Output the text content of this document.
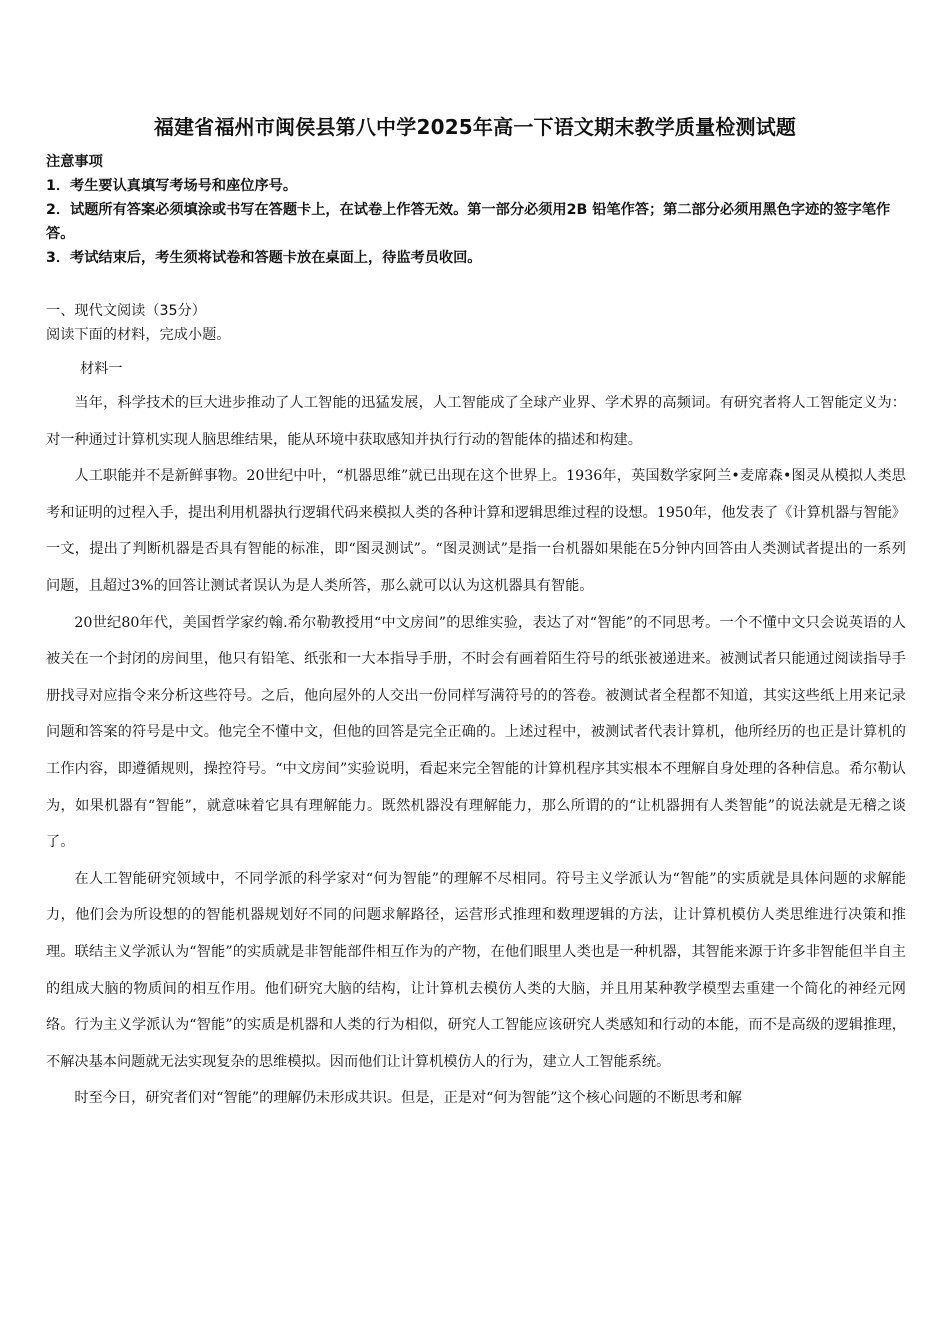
福建省福州市闽侯县第八中学2025年高一下语文期末教学质量检测试题

注意事项

1．考生要认真填写考场号和座位序号。

2．试题所有答案必须填涂或书写在答题卡上，在试卷上作答无效。第一部分必须用2B 铅笔作答；第二部分必须用黑色字迹的签字笔作答。

3．考试结束后，考生须将试卷和答题卡放在桌面上，待监考员收回。

一、现代文阅读（35分）
阅读下面的材料，完成小题。
材料一

当年，科学技术的巨大进步推动了人工智能的迅猛发展，人工智能成了全球产业界、学术界的高频词。有研究者将人工智能定义为：对一种通过计算机实现人脑思维结果，能从环境中获取感知并执行行动的智能体的描述和构建。

人工职能并不是新鲜事物。20世纪中叶，“机器思维”就已出现在这个世界上。1936年，英国数学家阿兰•麦席森•图灵从模拟人类思考和证明的过程入手，提出利用机器执行逻辑代码来模拟人类的各种计算和逻辑思维过程的设想。1950年，他发表了《计算机器与智能》一文，提出了判断机器是否具有智能的标准，即“图灵测试”。“图灵测试”是指一台机器如果能在5分钟内回答由人类测试者提出的一系列问题，且超过3%的回答让测试者误认为是人类所答，那么就可以认为这机器具有智能。

20世纪80年代，美国哲学家约翰.希尔勒教授用“中文房间”的思维实验，表达了对“智能”的不同思考。一个不懂中文只会说英语的人被关在一个封闭的房间里，他只有铅笔、纸张和一大本指导手册，不时会有画着陌生符号的纸张被递进来。被测试者只能通过阅读指导手册找寻对应指令来分析这些符号。之后，他向屋外的人交出一份同样写满符号的的答卷。被测试者全程都不知道，其实这些纸上用来记录问题和答案的符号是中文。他完全不懂中文，但他的回答是完全正确的。上述过程中，被测试者代表计算机，他所经历的也正是计算机的工作内容，即遵循规则，操控符号。“中文房间”实验说明，看起来完全智能的计算机程序其实根本不理解自身处理的各种信息。希尔勒认为，如果机器有“智能”，就意味着它具有理解能力。既然机器没有理解能力，那么所谓的的“让机器拥有人类智能”的说法就是无稽之谈了。

在人工智能研究领域中，不同学派的科学家对“何为智能”的理解不尽相同。符号主义学派认为“智能”的实质就是具体问题的求解能力，他们会为所设想的的智能机器规划好不同的问题求解路径，运营形式推理和数理逻辑的方法，让计算机模仿人类思维进行决策和推理。联结主义学派认为“智能”的实质就是非智能部件相互作为的产物，在他们眼里人类也是一种机器，其智能来源于许多非智能但半自主的组成大脑的物质间的相互作用。他们研究大脑的结构，让计算机去模仿人类的大脑，并且用某种教学模型去重建一个简化的神经元网络。行为主义学派认为“智能”的实质是机器和人类的行为相似，研究人工智能应该研究人类感知和行动的本能，而不是高级的逻辑推理，不解决基本问题就无法实现复杂的思维模拟。因而他们让计算机模仿人的行为，建立人工智能系统。

时至今日，研究者们对“智能”的理解仍未形成共识。但是，正是对“何为智能”这个核心问题的不断思考和解
